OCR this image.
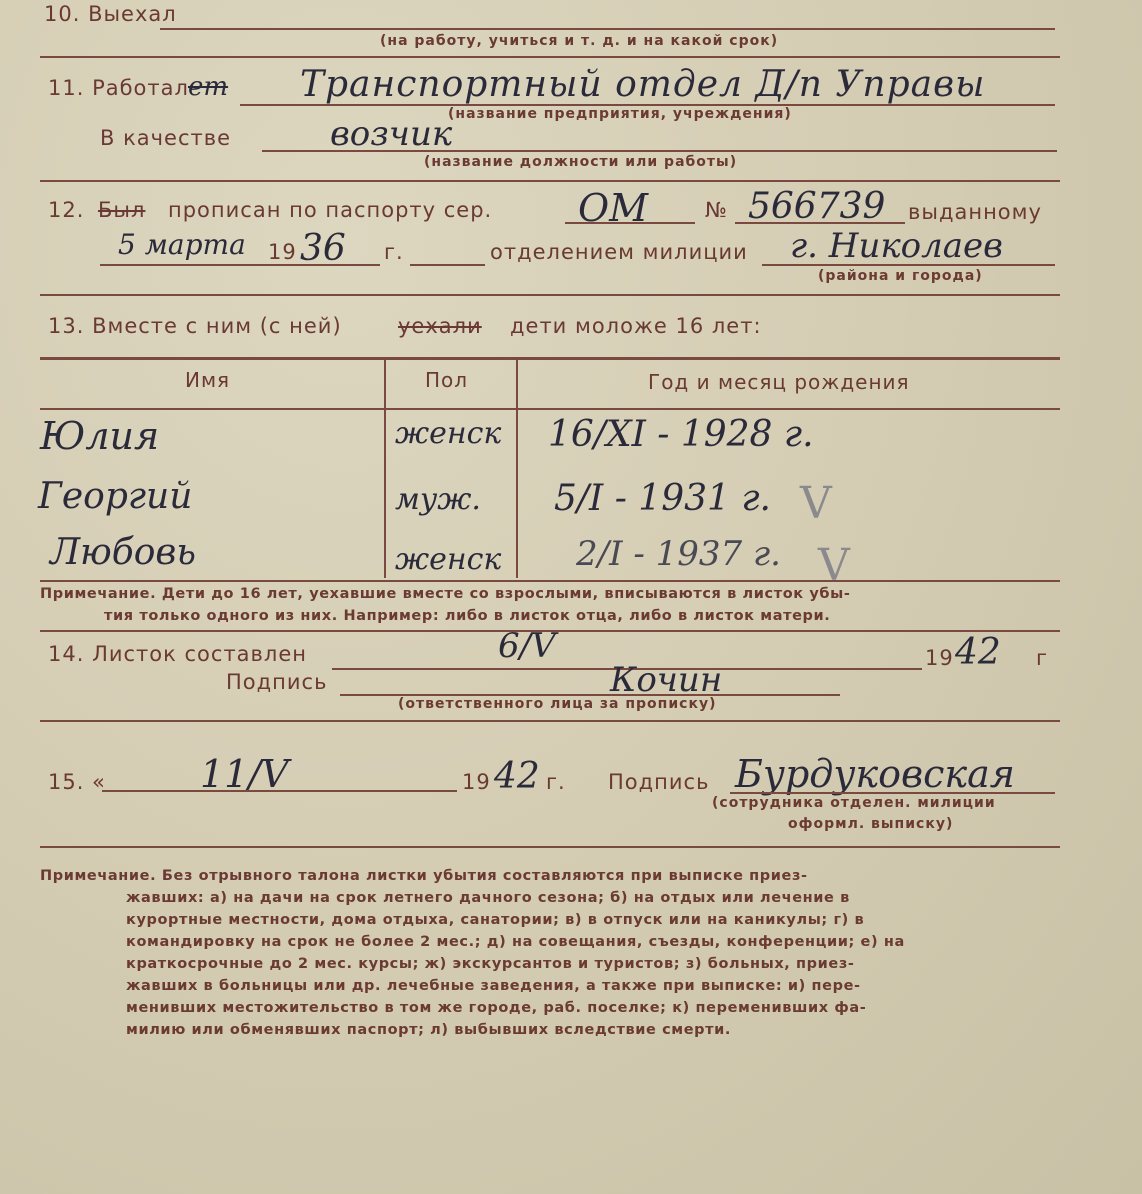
10. Выехал
(на работу, учиться и т. д. и на какой срок)
11. Работал ет Транспортный отдел Д/п Управы
(название предприятия, учреждения)
В качестве	возчик
(название должности или работы)
12. Был прописан по паспорту сер. ОМ	№ 566739 выданному
5 марта 19 36 г.	отделением милиции г. Николаев
(района и города)
13. Вместе с ним (с ней)	уехали дети моложе 16 лет:
Имя	Пол	Год и месяц рождения
Юлия	женск 16/XI - 1928 г.
Георгий	муж. 5/I - 1931 г. V
Любовь	женск 2/I - 1937 г. V
Примечание. Дети до 16 лет, уехавшие вместе со взрослыми, вписываются в листок убы-
тия только одного из них. Например: либо в листок отца, либо в листок матери.
14. Листок составлен	6/V	19 42 г
Подпись	Кочин
(ответственного лица за прописку)
15. « 11/V	19 42 г. Подпись Бурдуковская
(сотрудника отделен. милиции
оформл. выписку)
Примечание. Без отрывного талона листки убытия составляются при выписке приез-
жавших: а) на дачи на срок летнего дачного сезона; б) на отдых или лечение в
курортные местности, дома отдыха, санатории; в) в отпуск или на каникулы; г) в
командировку на срок не более 2 мес.; д) на совещания, съезды, конференции; е) на
краткосрочные до 2 мес. курсы; ж) экскурсантов и туристов; з) больных, приез-
жавших в больницы или др. лечебные заведения, а также при выписке: и) пере-
менивших местожительство в том же городе, раб. поселке; к) переменивших фа-
милию или обменявших паспорт; л) выбывших вследствие смерти.
